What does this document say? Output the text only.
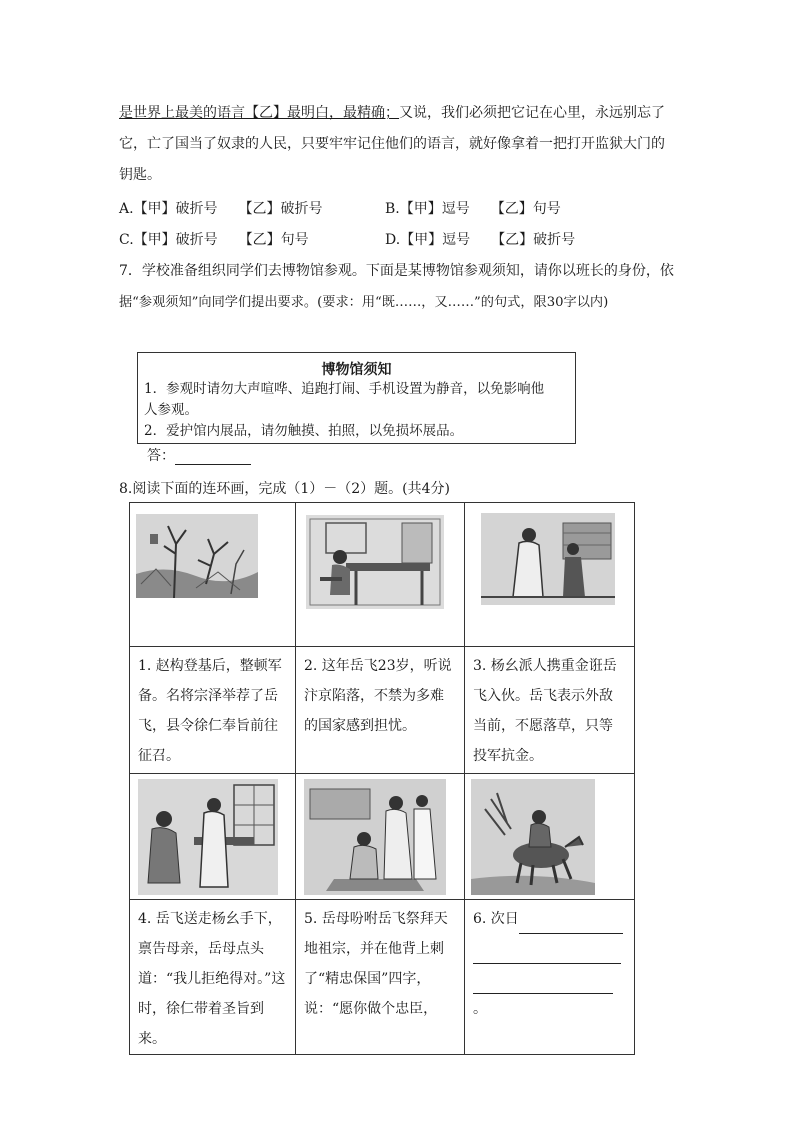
是世界上最美的语言【乙】最明白，最精确；又说，我们必须把它记在心里，永远别忘了
它，亡了国当了奴隶的人民，只要牢牢记住他们的语言，就好像拿着一把打开监狱大门的
钥匙。
A.【甲】破折号　　【乙】破折号	B.【甲】逗号　　【乙】句号
C.【甲】破折号　　【乙】句号	D.【甲】逗号　　【乙】破折号
7．学校准备组织同学们去博物馆参观。下面是某博物馆参观须知，请你以班长的身份，依
据“参观须知”向同学们提出要求。(要求：用“既……，又……”的句式，限30字以内)
博物馆须知
1．参观时请勿大声喧哗、追跑打闹、手机设置为静音，以免影响他
人参观。
2．爱护馆内展品，请勿触摸、拍照，以免损坏展品。
答：
8.阅读下面的连环画，完成（1）－（2）题。(共4分)

1. 赵构登基后，整顿军备。名将宗泽举荐了岳飞，县令徐仁奉旨前往征召。	2. 这年岳飞23岁，听说汴京陷落，不禁为多难的国家感到担忧。	3. 杨幺派人携重金诳岳飞入伙。岳飞表示外敌当前，不愿落草，只等投军抗金。

4. 岳飞送走杨幺手下，禀告母亲，岳母点头道：“我儿拒绝得对。”这时，徐仁带着圣旨到来。	5. 岳母吩咐岳飞祭拜天地祖宗，并在他背上刺了“精忠保国”四字，说：“愿你做个忠臣，	6. 次日

。
